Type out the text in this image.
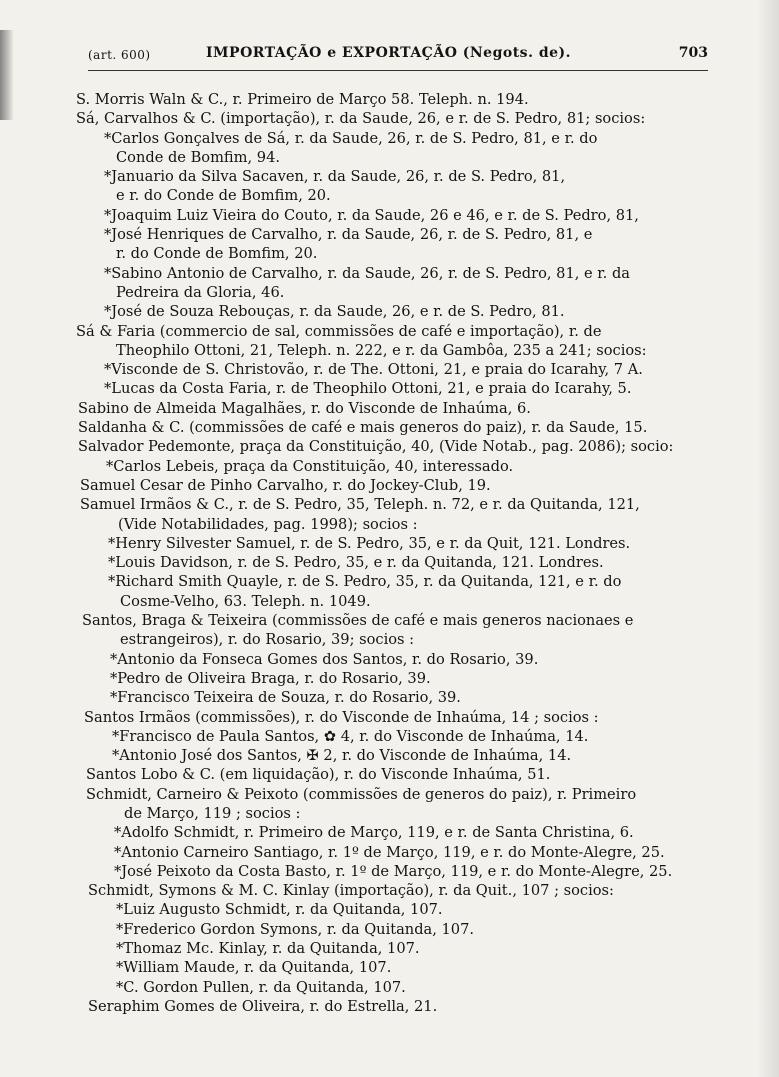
(art. 600)	IMPORTAÇÃO e EXPORTAÇÃO (Negots. de).	703
S. Morris Waln & C., r. Primeiro de Março 58. Teleph. n. 194.
Sá, Carvalhos & C. (importação), r. da Saude, 26, e r. de S. Pedro, 81; socios:
*Carlos Gonçalves de Sá, r. da Saude, 26, r. de S. Pedro, 81, e r. do
Conde de Bomfim, 94.
*Januario da Silva Sacaven, r. da Saude, 26, r. de S. Pedro, 81,
e r. do Conde de Bomfim, 20.
*Joaquim Luiz Vieira do Couto, r. da Saude, 26 e 46, e r. de S. Pedro, 81,
*José Henriques de Carvalho, r. da Saude, 26, r. de S. Pedro, 81, e
r. do Conde de Bomfim, 20.
*Sabino Antonio de Carvalho, r. da Saude, 26, r. de S. Pedro, 81, e r. da
Pedreira da Gloria, 46.
*José de Souza Rebouças, r. da Saude, 26, e r. de S. Pedro, 81.
Sá & Faria (commercio de sal, commissões de café e importação), r. de
Theophilo Ottoni, 21, Teleph. n. 222, e r. da Gambôa, 235 a 241; socios:
*Visconde de S. Christovão, r. de The. Ottoni, 21, e praia do Icarahy, 7 A.
*Lucas da Costa Faria, r. de Theophilo Ottoni, 21, e praia do Icarahy, 5.
Sabino de Almeida Magalhães, r. do Visconde de Inhaúma, 6.
Saldanha & C. (commissões de café e mais generos do paiz), r. da Saude, 15.
Salvador Pedemonte, praça da Constituição, 40, (Vide Notab., pag. 2086); socio:
*Carlos Lebeis, praça da Constituição, 40, interessado.
Samuel Cesar de Pinho Carvalho, r. do Jockey-Club, 19.
Samuel Irmãos & C., r. de S. Pedro, 35, Teleph. n. 72, e r. da Quitanda, 121,
(Vide Notabilidades, pag. 1998); socios :
*Henry Silvester Samuel, r. de S. Pedro, 35, e r. da Quit, 121. Londres.
*Louis Davidson, r. de S. Pedro, 35, e r. da Quitanda, 121. Londres.
*Richard Smith Quayle, r. de S. Pedro, 35, r. da Quitanda, 121, e r. do
Cosme-Velho, 63. Teleph. n. 1049.
Santos, Braga & Teixeira (commissões de café e mais generos nacionaes e
estrangeiros), r. do Rosario, 39; socios :
*Antonio da Fonseca Gomes dos Santos, r. do Rosario, 39.
*Pedro de Oliveira Braga, r. do Rosario, 39.
*Francisco Teixeira de Souza, r. do Rosario, 39.
Santos Irmãos (commissões), r. do Visconde de Inhaúma, 14 ; socios :
*Francisco de Paula Santos, ✿ 4, r. do Visconde de Inhaúma, 14.
*Antonio José dos Santos, ✠ 2, r. do Visconde de Inhaúma, 14.
Santos Lobo & C. (em liquidação), r. do Visconde Inhaúma, 51.
Schmidt, Carneiro & Peixoto (commissões de generos do paiz), r. Primeiro
de Março, 119 ; socios :
*Adolfo Schmidt, r. Primeiro de Março, 119, e r. de Santa Christina, 6.
*Antonio Carneiro Santiago, r. 1º de Março, 119, e r. do Monte-Alegre, 25.
*José Peixoto da Costa Basto, r. 1º de Março, 119, e r. do Monte-Alegre, 25.
Schmidt, Symons & M. C. Kinlay (importação), r. da Quit., 107 ; socios:
*Luiz Augusto Schmidt, r. da Quitanda, 107.
*Frederico Gordon Symons, r. da Quitanda, 107.
*Thomaz Mc. Kinlay, r. da Quitanda, 107.
*William Maude, r. da Quitanda, 107.
*C. Gordon Pullen, r. da Quitanda, 107.
Seraphim Gomes de Oliveira, r. do Estrella, 21.
